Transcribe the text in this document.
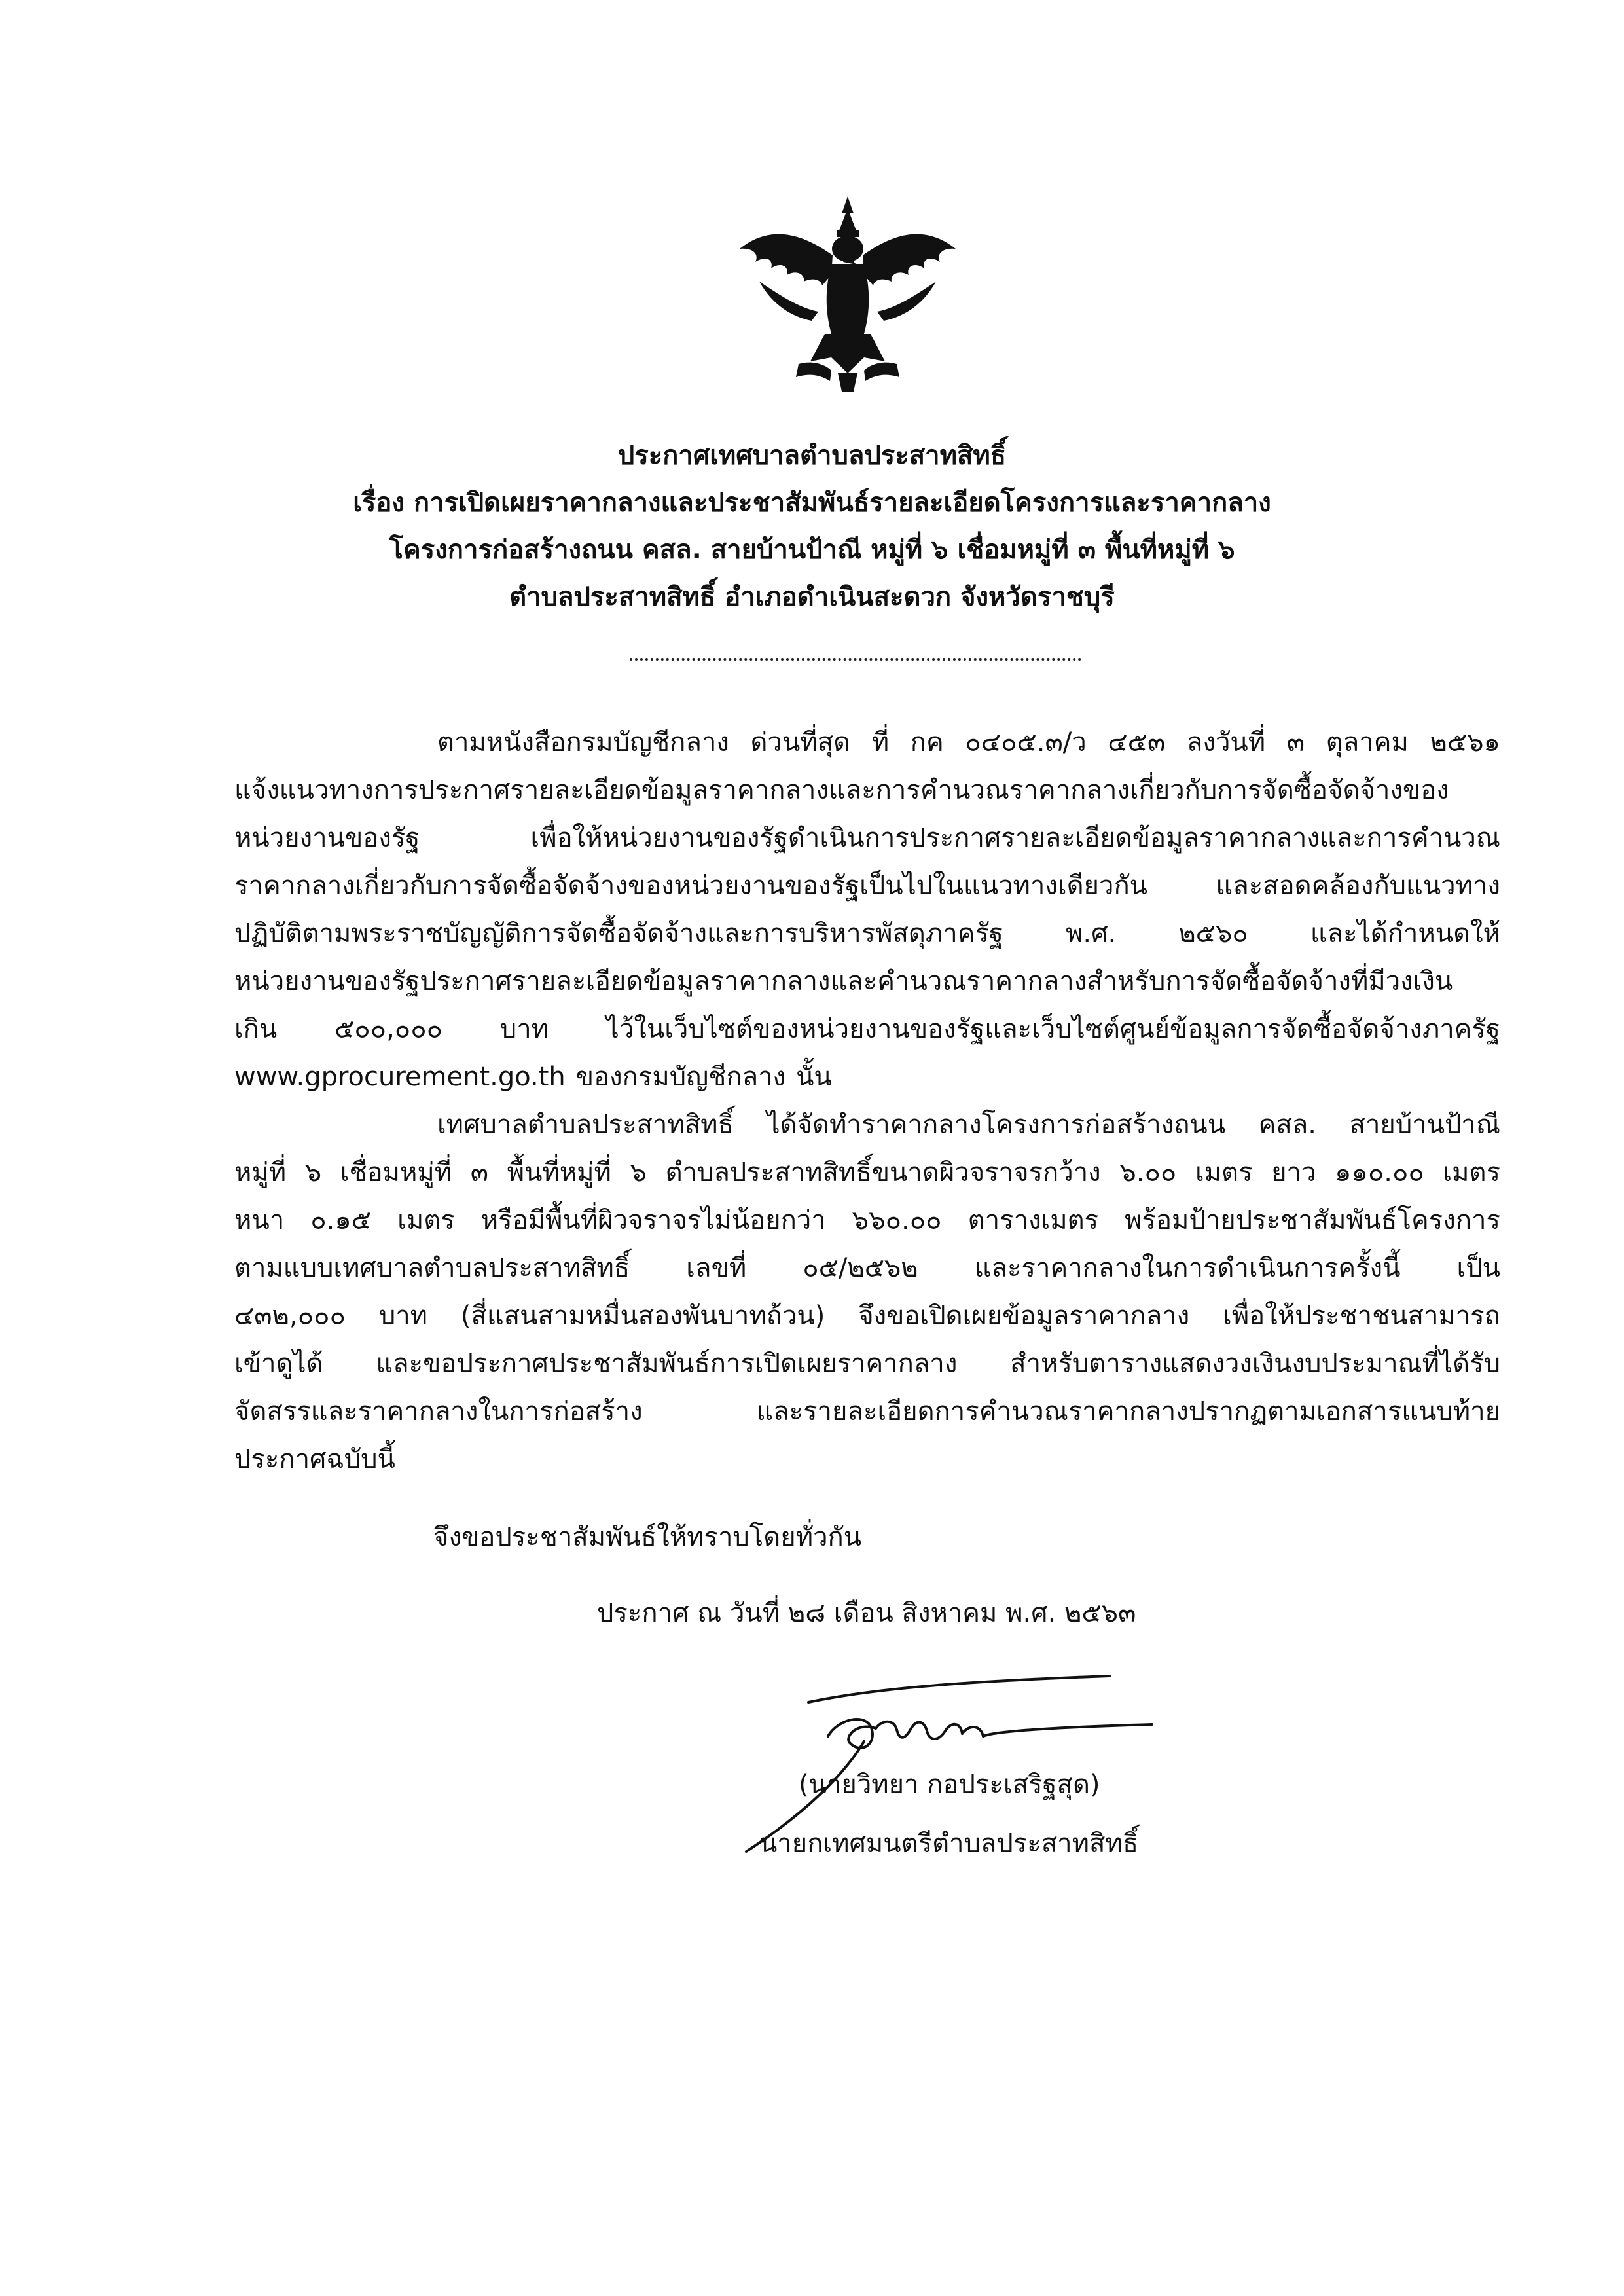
ประกาศเทศบาลตำบลประสาทสิทธิ์
เรื่อง การเปิดเผยราคากลางและประชาสัมพันธ์รายละเอียดโครงการและราคากลาง
โครงการก่อสร้างถนน คสล. สายบ้านป้าณี หมู่ที่ ๖ เชื่อมหมู่ที่ ๓ พื้นที่หมู่ที่ ๖
ตำบลประสาทสิทธิ์ อำเภอดำเนินสะดวก จังหวัดราชบุรี
ตามหนังสือกรมบัญชีกลาง ด่วนที่สุด ที่ กค ๐๔๐๕.๓/ว ๔๕๓ ลงวันที่ ๓ ตุลาคม ๒๕๖๑
แจ้งแนวทางการประกาศรายละเอียดข้อมูลราคากลางและการคำนวณราคากลางเกี่ยวกับการจัดซื้อจัดจ้างของ
หน่วยงานของรัฐ	เพื่อให้หน่วยงานของรัฐดำเนินการประกาศรายละเอียดข้อมูลราคากลางและการคำนวณ
ราคากลางเกี่ยวกับการจัดซื้อจัดจ้างของหน่วยงานของรัฐเป็นไปในแนวทางเดียวกัน	และสอดคล้องกับแนวทาง
ปฏิบัติตามพระราชบัญญัติการจัดซื้อจัดจ้างและการบริหารพัสดุภาครัฐ พ.ศ. ๒๕๖๐ และได้กำหนดให้
หน่วยงานของรัฐประกาศรายละเอียดข้อมูลราคากลางและคำนวณราคากลางสำหรับการจัดซื้อจัดจ้างที่มีวงเงิน
เกิน ๕๐๐,๐๐๐ บาท ไว้ในเว็บไซต์ของหน่วยงานของรัฐและเว็บไซต์ศูนย์ข้อมูลการจัดซื้อจัดจ้างภาครัฐ
www.gprocurement.go.th ของกรมบัญชีกลาง นั้น
เทศบาลตำบลประสาทสิทธิ์ ได้จัดทำราคากลางโครงการก่อสร้างถนน คสล. สายบ้านป้าณี
หมู่ที่ ๖ เชื่อมหมู่ที่ ๓ พื้นที่หมู่ที่ ๖ ตำบลประสาทสิทธิ์ขนาดผิวจราจรกว้าง ๖.๐๐ เมตร ยาว ๑๑๐.๐๐ เมตร
หนา ๐.๑๕ เมตร หรือมีพื้นที่ผิวจราจรไม่น้อยกว่า ๖๖๐.๐๐ ตารางเมตร พร้อมป้ายประชาสัมพันธ์โครงการ
ตามแบบเทศบาลตำบลประสาทสิทธิ์ เลขที่ ๐๕/๒๕๖๒ และราคากลางในการดำเนินการครั้งนี้ เป็น
๔๓๒,๐๐๐ บาท (สี่แสนสามหมื่นสองพันบาทถ้วน) จึงขอเปิดเผยข้อมูลราคากลาง เพื่อให้ประชาชนสามารถ
เข้าดูได้ และขอประกาศประชาสัมพันธ์การเปิดเผยราคากลาง สำหรับตารางแสดงวงเงินงบประมาณที่ได้รับ
จัดสรรและราคากลางในการก่อสร้าง	และรายละเอียดการคำนวณราคากลางปรากฏตามเอกสารแนบท้าย
ประกาศฉบับนี้
จึงขอประชาสัมพันธ์ให้ทราบโดยทั่วกัน
ประกาศ ณ วันที่ ๒๘ เดือน สิงหาคม พ.ศ. ๒๕๖๓
(นายวิทยา กอประเสริฐสุด)
นายกเทศมนตรีตำบลประสาทสิทธิ์
